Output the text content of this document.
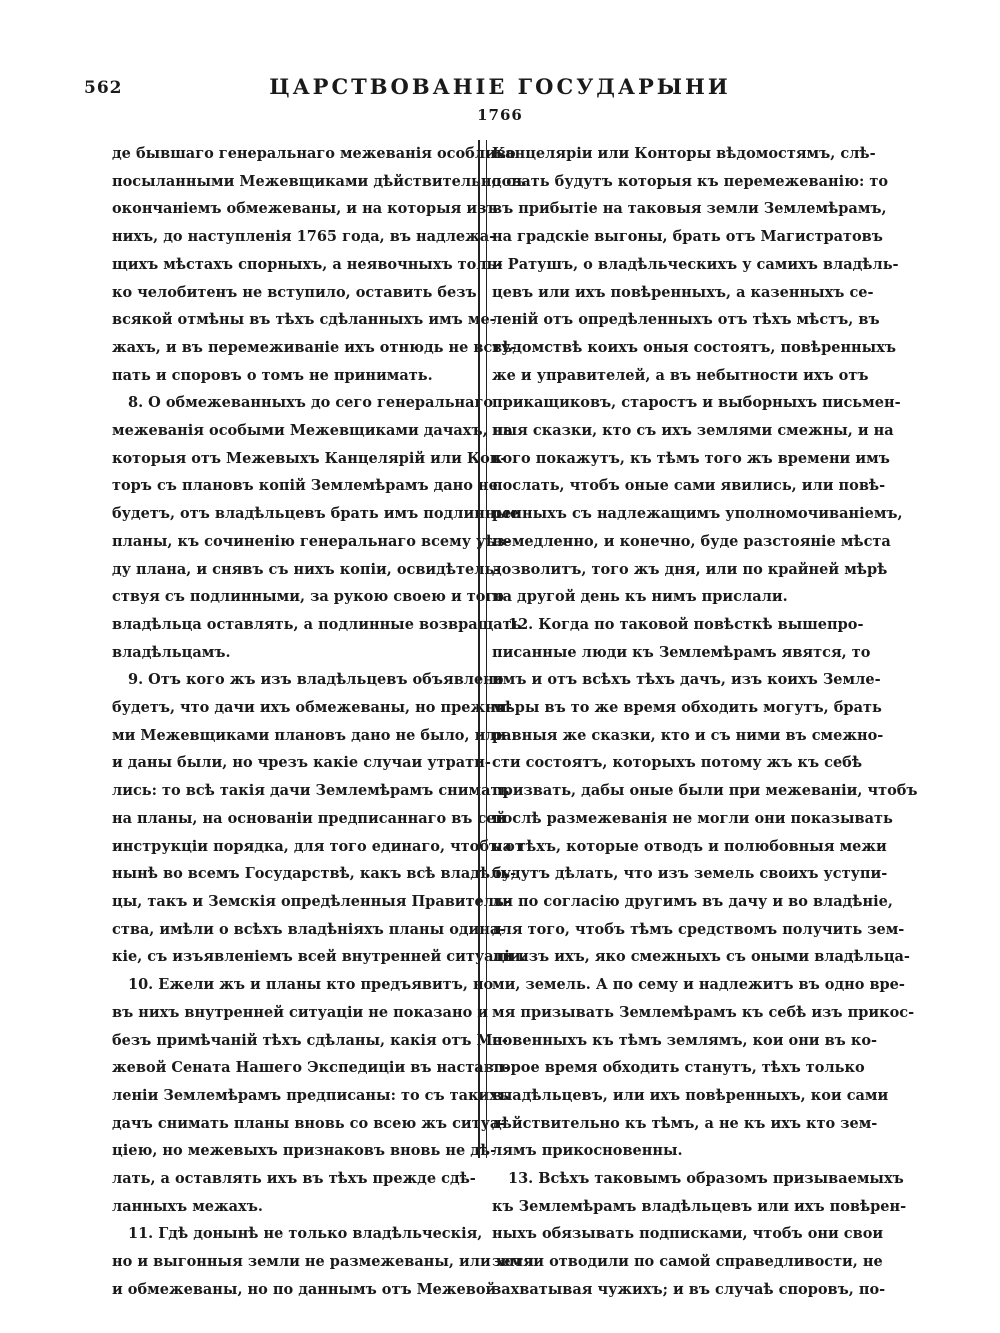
562	ЦАРСТВОВАНІЕ ГОСУДАРЫНИ
1766
де бывшаго генеральнаго межеванія особливо
посыланными Межевщиками дѣйствительно съ
окончаніемъ обмежеваны, и на которыя изъ
нихъ, до наступленія 1765 года, въ надлежа-
щихъ мѣстахъ спорныхъ, а неявочныхъ толь-
ко челобитенъ не вступило, оставить безъ
всякой отмѣны въ тѣхъ сдѣланныхъ имъ ме-
жахъ, и въ перемеживаніе ихъ отнюдь не всту-
пать и споровъ о томъ не принимать.
8. О обмежеванныхъ до сего генеральнаго
межеванія особыми Межевщиками дачахъ, на
которыя отъ Межевыхъ Канцелярій или Кон-
торъ съ плановъ копій Землемѣрамъ дано не
будетъ, отъ владѣльцевъ брать имъ подлинные
планы, къ сочиненію генеральнаго всему уѣз-
ду плана, и снявъ съ нихъ копіи, освидѣтель-
ствуя съ подлинными, за рукою своею и того
владѣльца оставлять, а подлинные возвращать
владѣльцамъ.
9. Отъ кого жъ изъ владѣльцевъ объявлено
будетъ, что дачи ихъ обмежеваны, но прежни-
ми Межевщиками плановъ дано не было, или
и даны были, но чрезъ какіе случаи утрати-
лись: то всѣ такія дачи Землемѣрамъ снимать
на планы, на основаніи предписаннаго въ сей
инструкціи порядка, для того единаго, чтобъ от
нынѣ во всемъ Государствѣ, какъ всѣ владѣль-
цы, такъ и Земскія опредѣленныя Правитель-
ства, имѣли о всѣхъ владѣніяхъ планы одина-
кіе, съ изъявленіемъ всей внутренней ситуаціи.
10. Ежели жъ и планы кто предъявитъ, но
въ нихъ внутренней ситуаціи не показано и
безъ примѣчаній тѣхъ сдѣланы, какія отъ Ме-
жевой Сената Нашего Экспедиціи въ наставл-
леніи Землемѣрамъ предписаны: то съ такихъ
дачъ снимать планы вновь со всею жъ ситуа-
ціею, но межевыхъ признаковъ вновь не дѣ-
лать, а оставлять ихъ въ тѣхъ прежде сдѣ-
ланныхъ межахъ.
11. Гдѣ донынѣ не только владѣльческія,
но и выгонныя земли не размежеваны, или хотя
и обмежеваны, но по даннымъ отъ Межевой
Канцеляріи или Конторы вѣдомостямъ, слѣ-
довать будутъ которыя къ перемежеванію: то
въ прибытіе на таковыя земли Землемѣрамъ,
на градскіе выгоны, брать отъ Магистратовъ
и Ратушъ, о владѣльческихъ у самихъ владѣль-
цевъ или ихъ повѣренныхъ, а казенныхъ се-
леній отъ опредѣленныхъ отъ тѣхъ мѣстъ, въ
вѣдомствѣ коихъ оныя состоятъ, повѣренныхъ
же и управителей, а въ небытности ихъ отъ
прикащиковъ, старостъ и выборныхъ письмен-
ныя сказки, кто съ ихъ землями смежны, и на
кого покажутъ, къ тѣмъ того жъ времени имъ
послать, чтобъ оные сами явились, или повѣ-
ренныхъ съ надлежащимъ уполномочиваніемъ,
немедленно, и конечно, буде разстояніе мѣста
дозволитъ, того жъ дня, или по крайней мѣрѣ
на другой день къ нимъ прислали.
12. Когда по таковой повѣсткѣ вышепро-
писанные люди къ Землемѣрамъ явятся, то
имъ и отъ всѣхъ тѣхъ дачъ, изъ коихъ Земле-
мѣры въ то же время обходить могутъ, брать
равныя же сказки, кто и съ ними въ смежно-
сти состоятъ, которыхъ потому жъ къ себѣ
призвать, дабы оные были при межеваніи, чтобъ
послѣ размежеванія не могли они показывать
на тѣхъ, которые отводъ и полюбовныя межи
будутъ дѣлать, что изъ земель своихъ уступи-
ли по согласію другимъ въ дачу и во владѣніе,
для того, чтобъ тѣмъ средствомъ получить зем-
ли изъ ихъ, яко смежныхъ съ оными владѣльца-
ми, земель. А по сему и надлежитъ въ одно вре-
мя призывать Землемѣрамъ къ себѣ изъ прикос-
новенныхъ къ тѣмъ землямъ, кои они въ ко-
торое время обходить станутъ, тѣхъ только
владѣльцевъ, или ихъ повѣренныхъ, кои сами
дѣйствительно къ тѣмъ, а не къ ихъ кто зем-
лямъ прикосновенны.
13. Всѣхъ таковымъ образомъ призываемыхъ
къ Землемѣрамъ владѣльцевъ или ихъ повѣрен-
ныхъ обязывать подписками, чтобъ они свои
земли отводили по самой справедливости, не
захватывая чужихъ; и въ случаѣ споровъ, по-
